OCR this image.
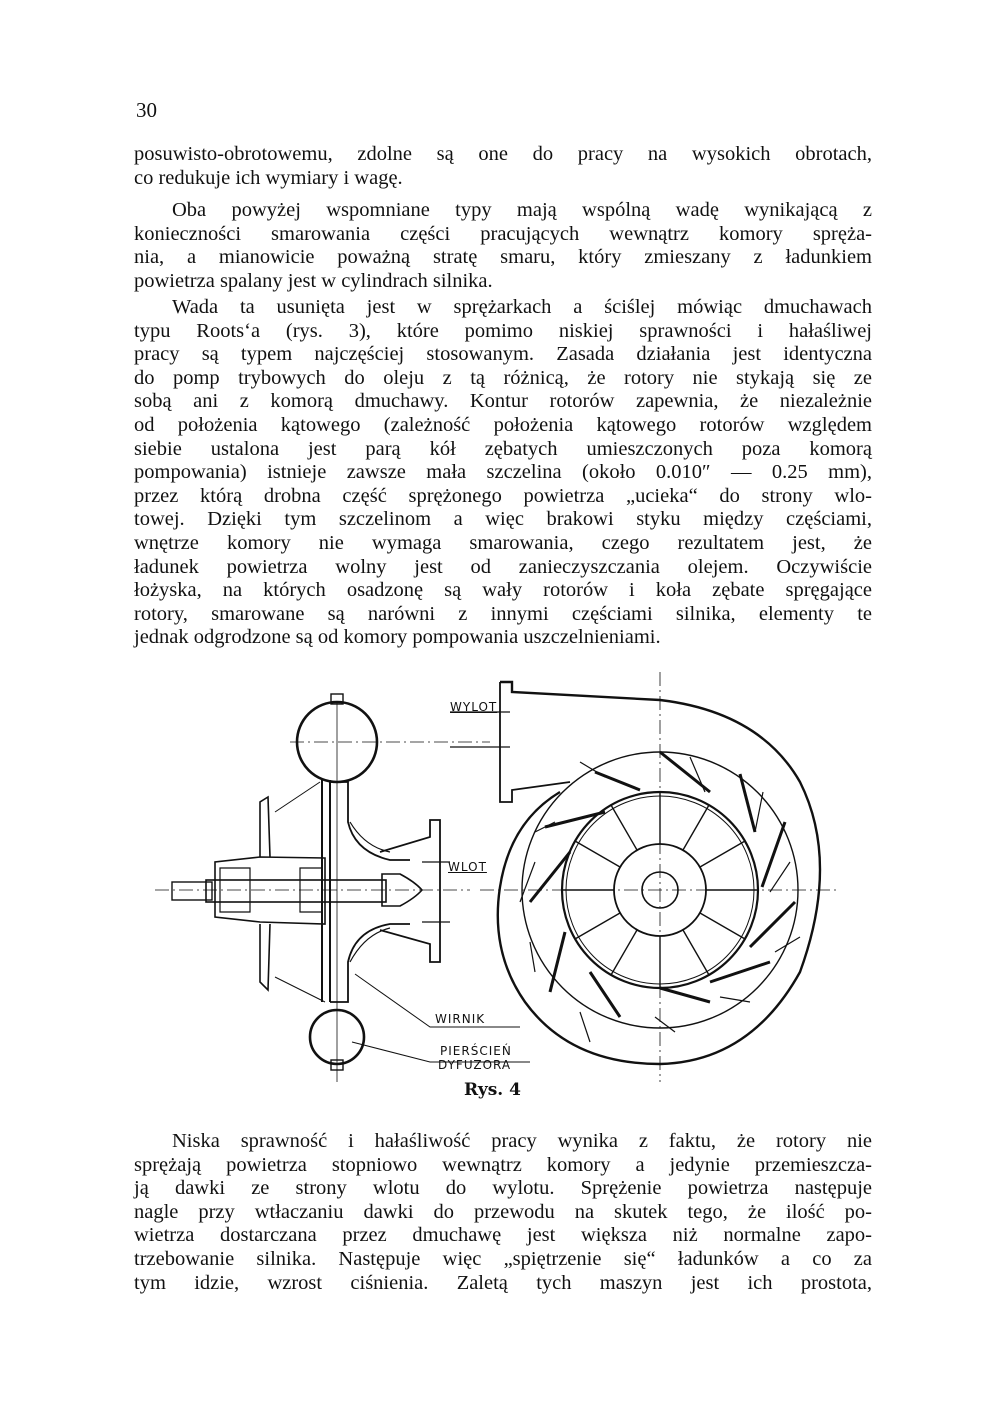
30
posuwisto-obrotowemu, zdolne są one do pracy na wysokich obrotach,
co redukuje ich wymiary i wagę.
Oba powyżej wspomniane typy mają wspólną wadę wynikającą z
konieczności smarowania części pracujących wewnątrz komory spręża-
nia, a mianowicie poważną stratę smaru, który zmieszany z ładunkiem
powietrza spalany jest w cylindrach silnika.
Wada ta usunięta jest w sprężarkach a ściślej mówiąc dmuchawach
typu Roots‘a (rys. 3), które pomimo niskiej sprawności i hałaśliwej
pracy są typem najczęściej stosowanym. Zasada działania jest identyczna
do pomp trybowych do oleju z tą różnicą, że rotory nie stykają się ze
sobą ani z komorą dmuchawy. Kontur rotorów zapewnia, że niezależnie
od położenia kątowego (zależność położenia kątowego rotorów względem
siebie ustalona jest parą kół zębatych umieszczonych poza komorą
pompowania) istnieje zawsze mała szczelina (około 0.010″ — 0.25 mm),
przez którą drobna część sprężonego powietrza „ucieka“ do strony wlo-
towej. Dzięki tym szczelinom a więc brakowi styku między częściami,
wnętrze komory nie wymaga smarowania, czego rezultatem jest, że
ładunek powietrza wolny jest od zanieczyszczania olejem. Oczywiście
łożyska, na których osadzonę są wały rotorów i koła zębate spręgające
rotory, smarowane są narówni z innymi częściami silnika, elementy te
jednak odgrodzone są od komory pompowania uszczelnieniami.
WYLOT
WLOT
WIRNIK
PIERŚCIEŃ
DYFUZORA
Rys. 4
Niska sprawność i hałaśliwość pracy wynika z faktu, że rotory nie
sprężają powietrza stopniowo wewnątrz komory a jedynie przemieszcza-
ją dawki ze strony wlotu do wylotu. Sprężenie powietrza następuje
nagle przy wtłaczaniu dawki do przewodu na skutek tego, że ilość po-
wietrza dostarczana przez dmuchawę jest większa niż normalne zapo-
trzebowanie silnika. Następuje więc „spiętrzenie się“ ładunków a co za
tym idzie, wzrost ciśnienia. Zaletą tych maszyn jest ich prostota,
